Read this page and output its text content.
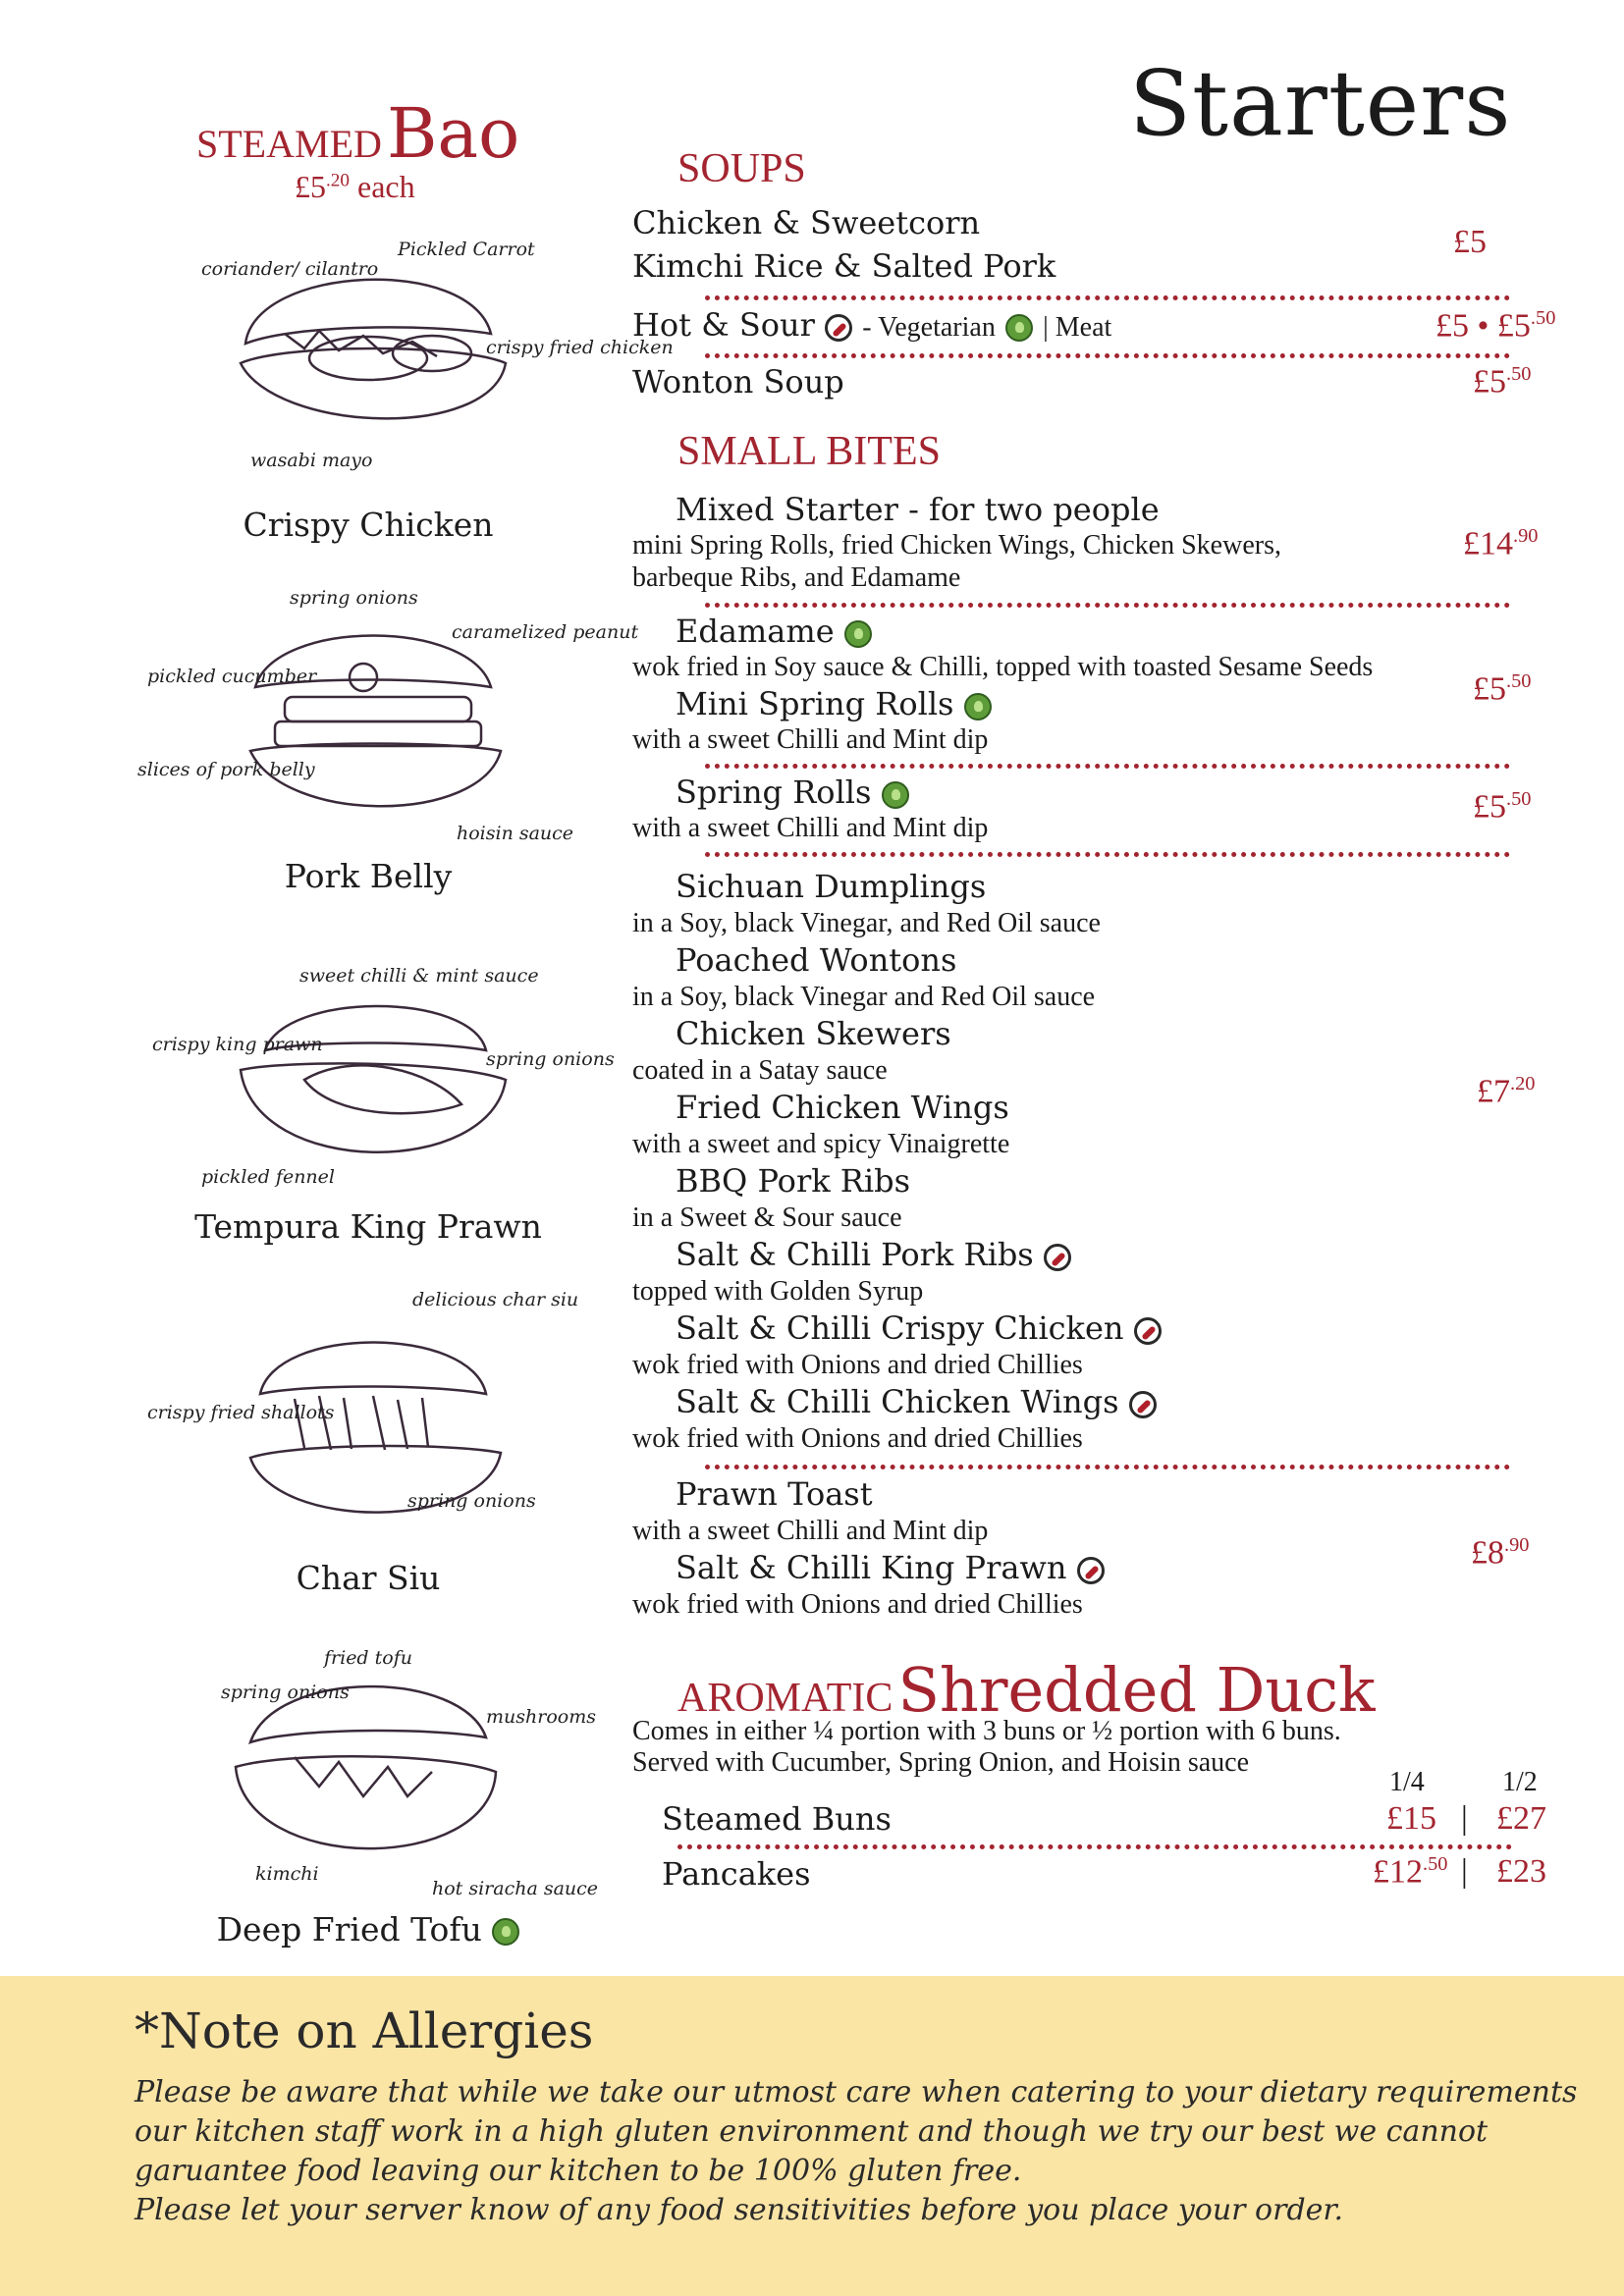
Starters
STEAMED Bao
$£5^{.20}$ each
coriander/ cilantro
Pickled Carrot
crispy fried chicken
wasabi mayo
Crispy Chicken
spring onions
caramelized peanut
pickled cucumber
slices of pork belly
hoisin sauce
Pork Belly
sweet chilli & mint sauce
crispy king prawn
spring onions
pickled fennel
Tempura King Prawn
delicious char siu
crispy fried shallots
spring onions
Char Siu
fried tofu
spring onions
mushrooms
kimchi
hot siracha sauce
Deep Fried Tofu
SOUPS
Chicken & Sweetcorn
Kimchi Rice & Salted Pork
£5
Hot & Sour - Vegetarian | Meat	£5 • $£5^{.50}$
Wonton Soup	$£5^{.50}$
SMALL BITES
Mixed Starter - for two people
mini Spring Rolls, fried Chicken Wings, Chicken Skewers,
barbeque Ribs, and Edamame
$£14^{.90}$
Edamame
wok fried in Soy sauce & Chilli, topped with toasted Sesame Seeds
Mini Spring Rolls
with a sweet Chilli and Mint dip
$£5^{.50}$
Spring Rolls
with a sweet Chilli and Mint dip
$£5^{.50}$
Sichuan Dumplings
in a Soy, black Vinegar, and Red Oil sauce
Poached Wontons
in a Soy, black Vinegar and Red Oil sauce
Chicken Skewers
coated in a Satay sauce
Fried Chicken Wings
with a sweet and spicy Vinaigrette
BBQ Pork Ribs
in a Sweet & Sour sauce
Salt & Chilli Pork Ribs
topped with Golden Syrup
Salt & Chilli Crispy Chicken
wok fried with Onions and dried Chillies
Salt & Chilli Chicken Wings
wok fried with Onions and dried Chillies
$£7^{.20}$
Prawn Toast
with a sweet Chilli and Mint dip
Salt & Chilli King Prawn
wok fried with Onions and dried Chillies
$£8^{.90}$
AROMATIC Shredded Duck
Comes in either ¼ portion with 3 buns or ½ portion with 6 buns.
Served with Cucumber, Spring Onion, and Hoisin sauce
1/4	1/2
Steamed Buns	£15 | £27
Pancakes	$£12^{.50}$ | £23
*Note on Allergies
Please be aware that while we take our utmost care when catering to your dietary requirements our kitchen staff work in a high gluten environment and though we try our best we cannot garuantee food leaving our kitchen to be 100% gluten free.
Please let your server know of any food sensitivities before you place your order.
